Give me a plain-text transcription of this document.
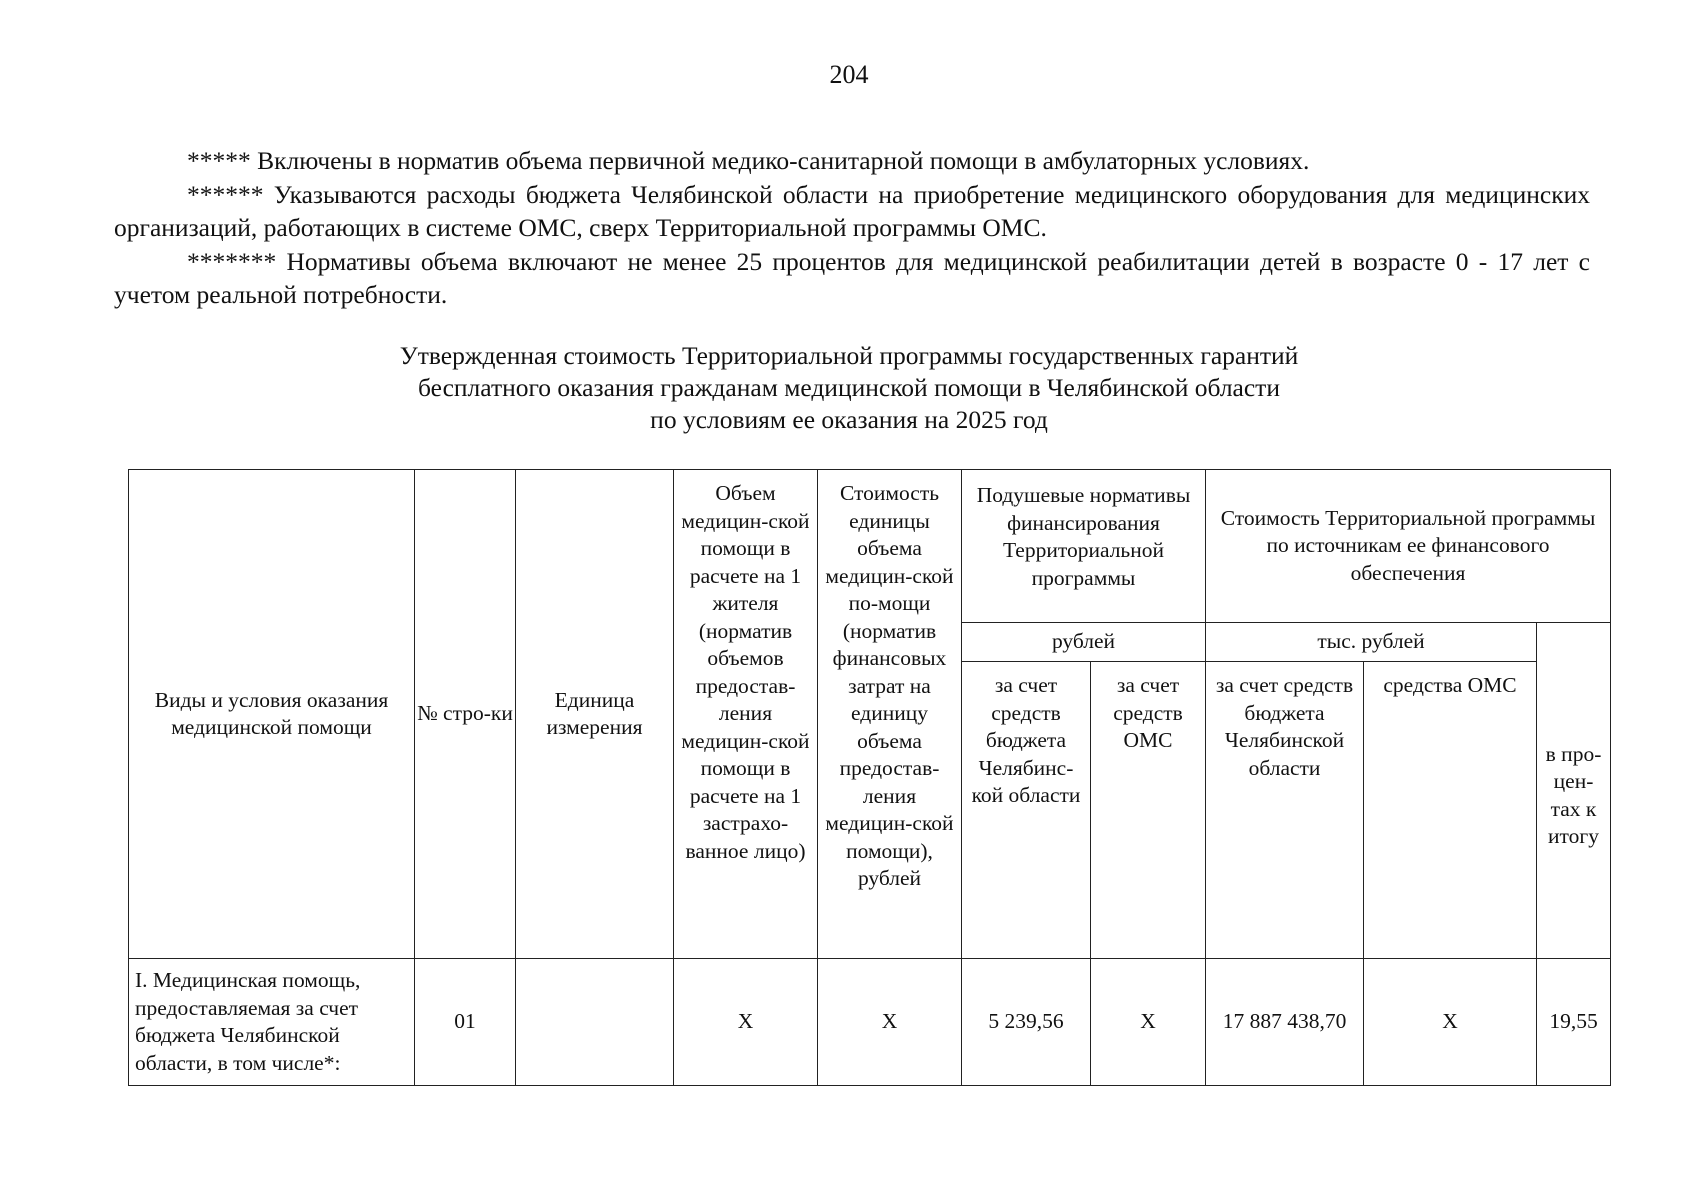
204

***** Включены в норматив объема первичной медико-санитарной помощи в амбулаторных условиях.

****** Указываются расходы бюджета Челябинской области на приобретение медицинского оборудования для медицинских организаций, работающих в системе ОМС, сверх Территориальной программы ОМС.

******* Нормативы объема включают не менее 25 процентов для медицинской реабилитации детей в возрасте 0 - 17 лет с учетом реальной потребности.

Утвержденная стоимость Территориальной программы государственных гарантий
бесплатного оказания гражданам медицинской помощи в Челябинской области
по условиям ее оказания на 2025 год
Виды и условия оказания медицинской помощи	№ стро-ки	Единица измерения	Объем медицин-ской помощи в расчете на 1 жителя (норматив объемов предостав-ления медицин-ской помощи в расчете на 1 застрахо-ванное лицо)	Стоимость единицы объема медицин-ской по-мощи (норматив финансовых затрат на единицу объема предостав-ления медицин-ской помощи), рублей	Подушевые нормативы финансирования Территориальной программы		Стоимость Территориальной программы по источникам ее финансового обеспечения		
					рублей		тыс. рублей		в про-цен-тах к итогу
					за счет средств бюджета Челябинс-кой области	за счет средств ОМС	за счет средств бюджета Челябинской области	средства ОМС	
I. Медицинская помощь, предоставляемая за счет бюджета Челябинской области, в том числе*:	01		X	X	5 239,56	X	17 887 438,70	X	19,55
